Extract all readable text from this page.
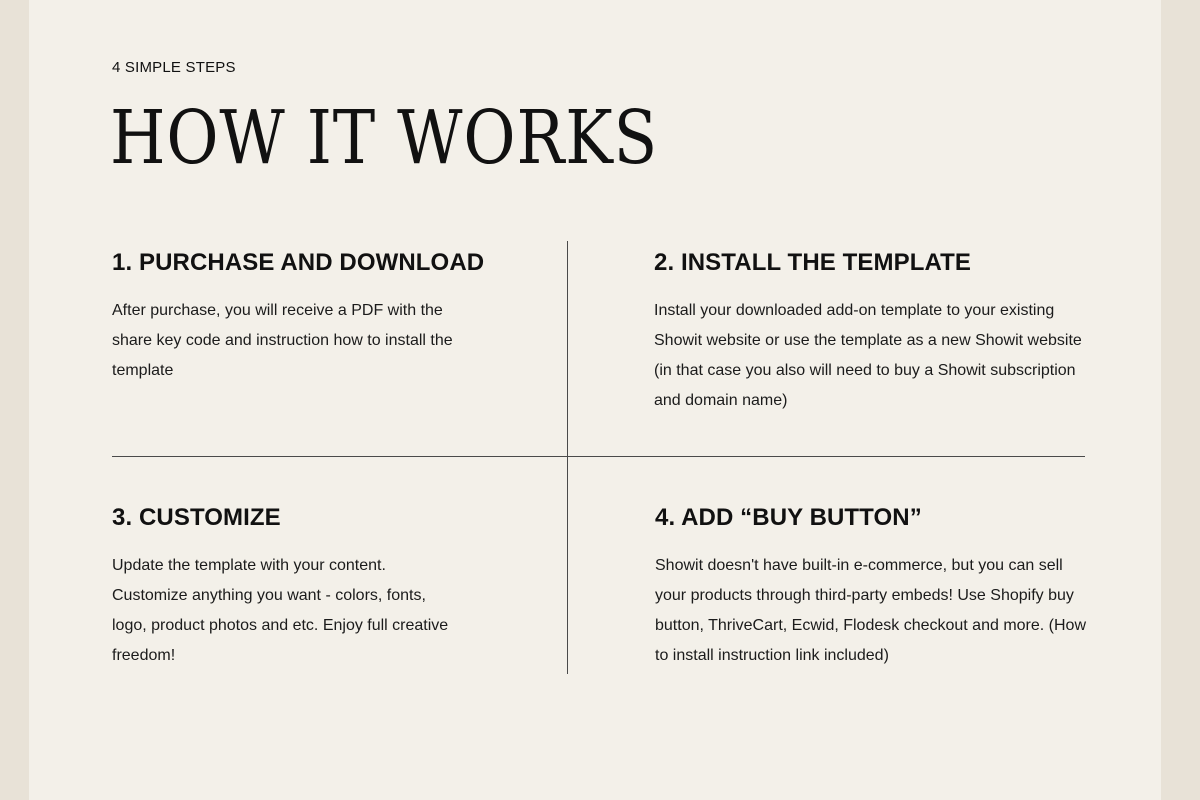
4 SIMPLE STEPS
HOW IT WORKS
1. PURCHASE AND DOWNLOAD

After purchase, you will receive a PDF with the share key code and instruction how to install the template

2. INSTALL THE TEMPLATE

Install your downloaded add-on template to your existing Showit website or use the template as a new Showit website (in that case you also will need to buy a Showit subscription and domain name)

3. CUSTOMIZE

Update the template with your content. Customize anything you want - colors, fonts, logo, product photos and etc. Enjoy full creative freedom!

4. ADD “BUY BUTTON”

Showit doesn't have built-in e-commerce, but you can sell your products through third-party embeds! Use Shopify buy button, ThriveCart, Ecwid, Flodesk checkout and more. (How to install instruction link included)
